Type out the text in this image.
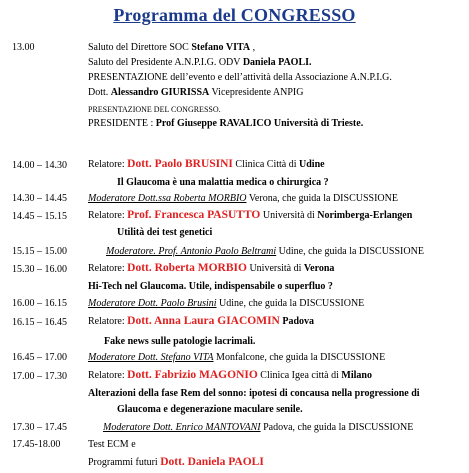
Programma del CONGRESSO
13.00	Saluto del Direttore SOC Stefano VITA ,
Saluto del Presidente A.N.P.I.G. ODV Daniela PAOLI.
PRESENTAZIONE dell’evento e dell’attività della Associazione A.N.P.I.G.
Dott. Alessandro GIURISSA Vicepresidente ANPIG
PRESENTAZIONE DEL CONGRESSO.
PRESIDENTE : Prof Giuseppe RAVALICO Università di Trieste.
14.00 – 14.30 Relatore: Dott. Paolo BRUSINI Clinica Città di Udine
Il Glaucoma è una malattia medica o chirurgica ?
14.30 – 14.45 Moderatore Dott.ssa Roberta MORBIO Verona, che guida la DISCUSSIONE
14.45 – 15.15 Relatore: Prof. Francesca PASUTTO Università di Norimberga-Erlangen
Utilità dei test genetici
15.15 – 15.00	Moderatore. Prof. Antonio Paolo Beltrami Udine, che guida la DISCUSSIONE
15.30 – 16.00 Relatore: Dott. Roberta MORBIO Università di Verona
Hi-Tech nel Glaucoma. Utile, indispensabile o superfluo ?
16.00 – 16.15 Moderatore Dott. Paolo Brusini Udine, che guida la DISCUSSIONE
16.15 – 16.45 Relatore: Dott. Anna Laura GIACOMIN Padova
Fake news sulle patologie lacrimali.
16.45 – 17.00 Moderatore Dott. Stefano VITA Monfalcone, che guida la DISCUSSIONE
17.00 – 17.30 Relatore: Dott. Fabrizio MAGONIO Clinica Igea città di Milano
Alterazioni della fase Rem del sonno: ipotesi di concausa nella progressione di
Glaucoma e degenerazione maculare senile.
17.30 – 17.45	Moderatore Dott. Enrico MANTOVANI Padova, che guida la DISCUSSIONE
17.45-18.00	Test ECM e
Programmi futuri Dott. Daniela PAOLI
